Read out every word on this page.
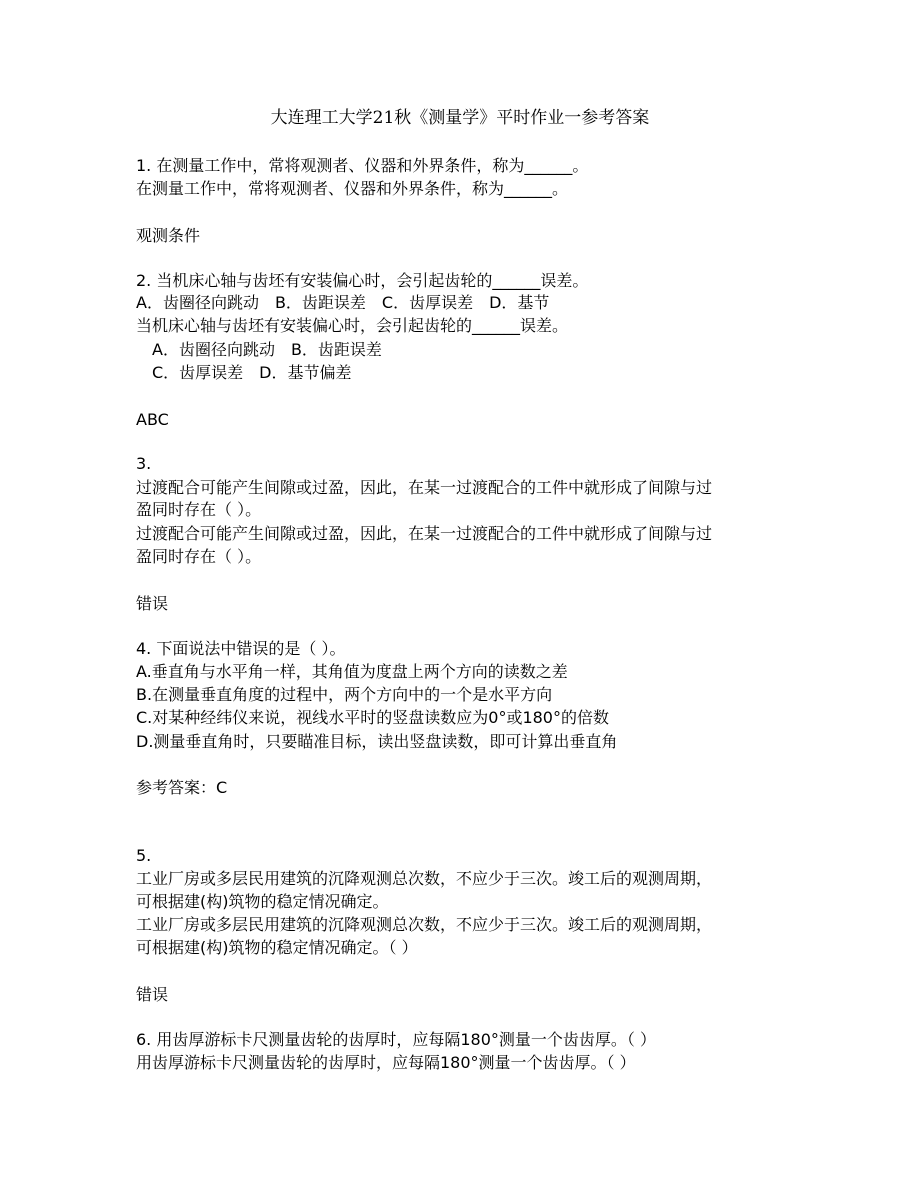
大连理工大学21秋《测量学》平时作业一参考答案
1. 在测量工作中，常将观测者、仪器和外界条件，称为______。
在测量工作中，常将观测者、仪器和外界条件，称为______。
观测条件
2. 当机床心轴与齿坯有安装偏心时，会引起齿轮的______误差。
A．齿圈径向跳动　B．齿距误差　C．齿厚误差　D．基节
当机床心轴与齿坯有安装偏心时，会引起齿轮的______误差。
A．齿圈径向跳动　B．齿距误差
C．齿厚误差　D．基节偏差
ABC
3.
过渡配合可能产生间隙或过盈，因此，在某一过渡配合的工件中就形成了间隙与过
盈同时存在（ ）。
过渡配合可能产生间隙或过盈，因此，在某一过渡配合的工件中就形成了间隙与过
盈同时存在（ ）。
错误
4. 下面说法中错误的是（ ）。
A.垂直角与水平角一样，其角值为度盘上两个方向的读数之差
B.在测量垂直角度的过程中，两个方向中的一个是水平方向
C.对某种经纬仪来说，视线水平时的竖盘读数应为0°或180°的倍数
D.测量垂直角时，只要瞄准目标，读出竖盘读数，即可计算出垂直角
参考答案：C
5.
工业厂房或多层民用建筑的沉降观测总次数，不应少于三次。竣工后的观测周期，
可根据建(构)筑物的稳定情况确定。
工业厂房或多层民用建筑的沉降观测总次数，不应少于三次。竣工后的观测周期，
可根据建(构)筑物的稳定情况确定。（ ）
错误
6. 用齿厚游标卡尺测量齿轮的齿厚时，应每隔180°测量一个齿齿厚。（ ）
用齿厚游标卡尺测量齿轮的齿厚时，应每隔180°测量一个齿齿厚。（ ）
